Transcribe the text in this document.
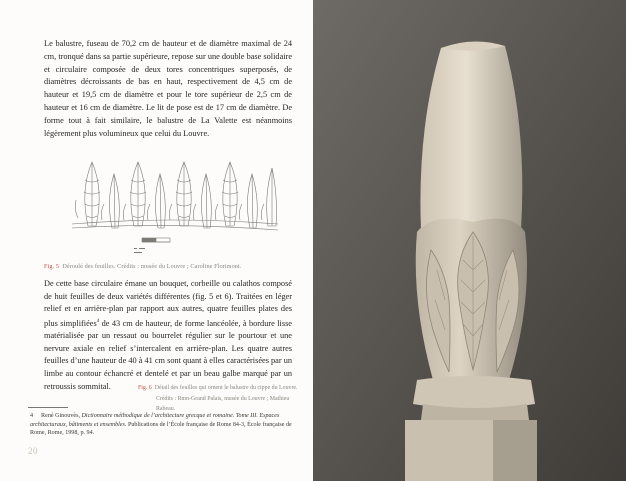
Le balustre, fuseau de 70,2 cm de hauteur et de diamètre maximal de 24 cm, tronqué dans sa partie supérieure, repose sur une double base solidaire et circulaire composée de deux tores concentriques superposés, de diamètres décroissants de bas en haut, respectivement de 4,5 cm de hauteur et 19,5 cm de diamètre et pour le tore supérieur de 2,5 cm de hauteur et 16 cm de diamètre. Le lit de pose est de 17 cm de diamètre. De forme tout à fait similaire, le balustre de La Valette est néanmoins légèrement plus volumineux que celui du Louvre.

Fig. 5 Déroulé des feuilles. Crédits : musée du Louvre ; Caroline Florimont.

De cette base circulaire émane un bouquet, corbeille ou calathos composé de huit feuilles de deux variétés différentes (fig. 5 et 6). Traitées en léger relief et en arrière-plan par rapport aux autres, quatre feuilles plates des plus simplifiées$^4$ de 43 cm de hauteur, de forme lancéolée, à bordure lisse matérialisée par un ressaut ou bourrelet régulier sur le pourtour et une nervure axiale en relief s’intercalent en arrière-plan. Les quatre autres feuilles d’une hauteur de 40 à 41 cm sont quant à elles caractérisées par un limbe au contour échancré et dentelé et par un beau galbe marqué par un retroussis sommital.	Fig. 6 Détail des feuilles qui ornent le balustre du cippe du Louvre.
Crédits : Rmn-Grand Palais, musée du Louvre ; Mathieu Rabeau.
4 René Ginouvès, Dictionnaire méthodique de l’architecture grecque et romaine. Tome III. Espaces architecturaux, bâtiments et ensembles. Publications de l’École française de Rome 84-3, École française de Rome, Rome, 1998, p. 94.
20
